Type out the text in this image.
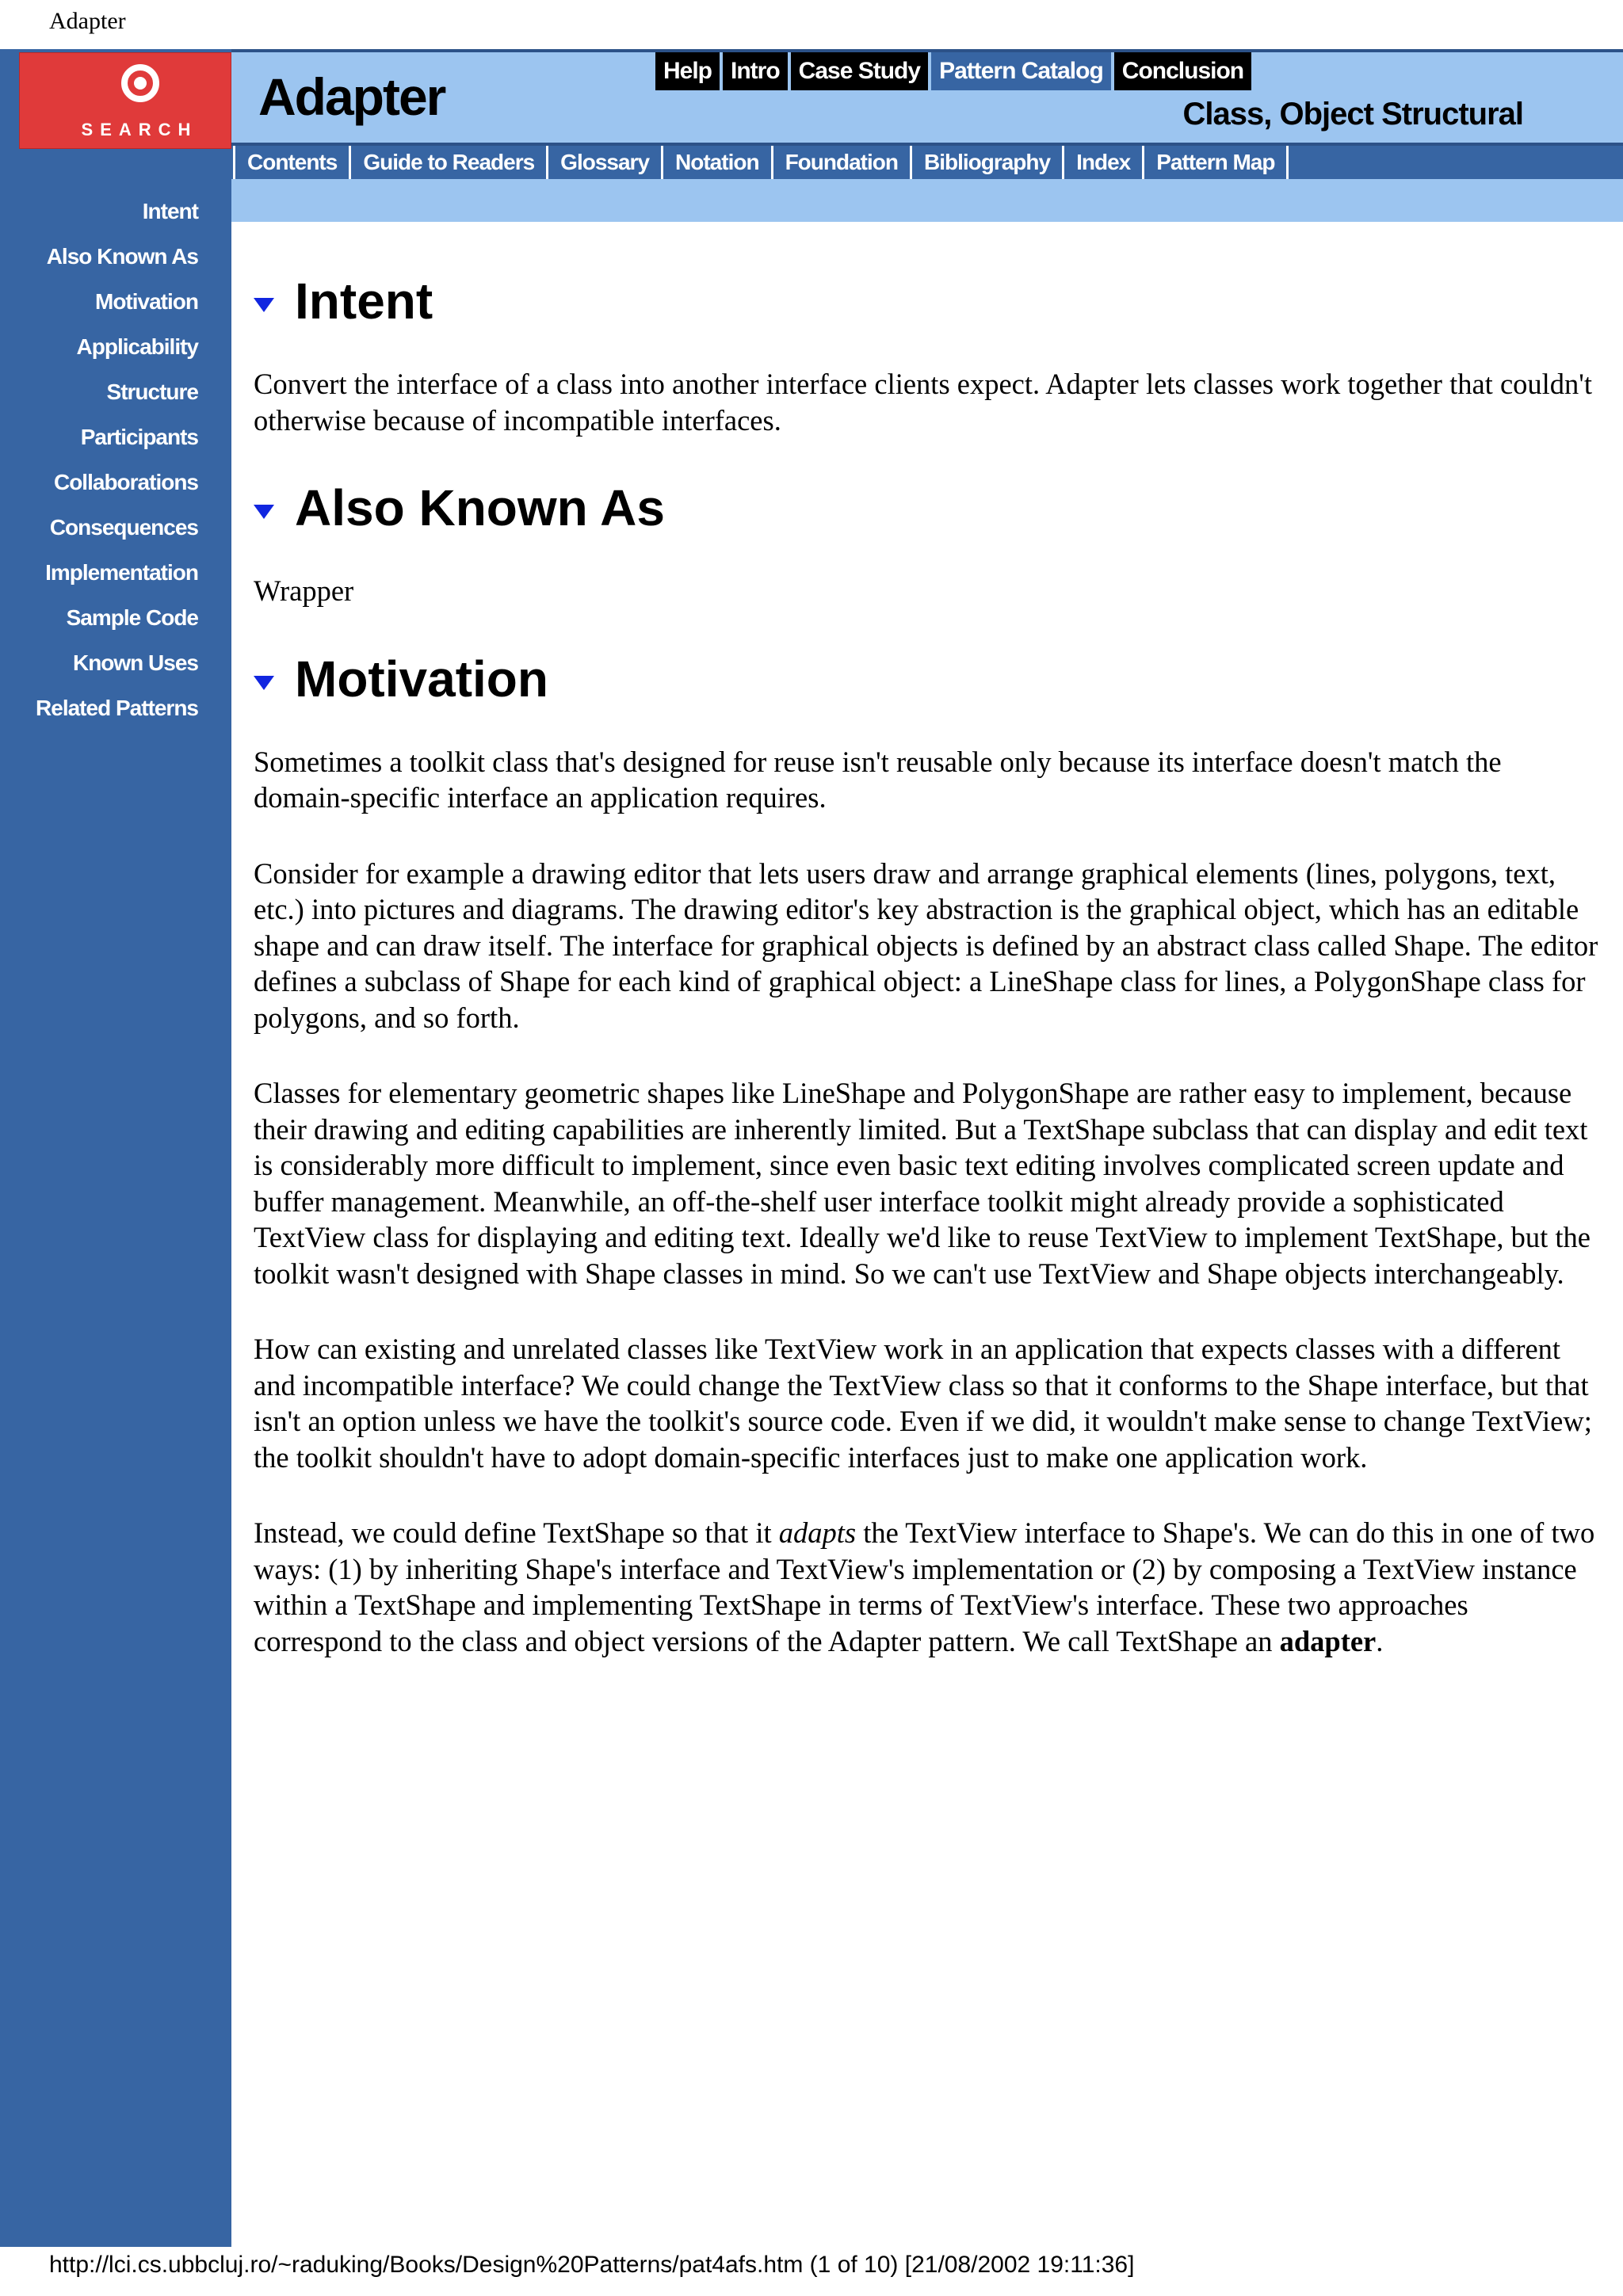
Adapter
SEARCH
Intent
Also Known As
Motivation
Applicability
Structure
Participants
Collaborations
Consequences
Implementation
Sample Code
Known Uses
Related Patterns
Adapter	Help Intro Case Study Pattern Catalog Conclusion
Class, Object Structural
Contents	Guide to Readers	Glossary	Notation	Foundation	Bibliography	Index	Pattern Map
Intent

Convert the interface of a class into another interface clients expect. Adapter lets classes work together that couldn't otherwise because of incompatible interfaces.

Also Known As

Wrapper

Motivation

Sometimes a toolkit class that's designed for reuse isn't reusable only because its interface doesn't match the domain-specific interface an application requires.

Consider for example a drawing editor that lets users draw and arrange graphical elements (lines, polygons, text, etc.) into pictures and diagrams. The drawing editor's key abstraction is the graphical object, which has an editable shape and can draw itself. The interface for graphical objects is defined by an abstract class called Shape. The editor defines a subclass of Shape for each kind of graphical object: a LineShape class for lines, a PolygonShape class for polygons, and so forth.

Classes for elementary geometric shapes like LineShape and PolygonShape are rather easy to implement, because their drawing and editing capabilities are inherently limited. But a TextShape subclass that can display and edit text is considerably more difficult to implement, since even basic text editing involves complicated screen update and buffer management. Meanwhile, an off-the-shelf user interface toolkit might already provide a sophisticated TextView class for displaying and editing text. Ideally we'd like to reuse TextView to implement TextShape, but the toolkit wasn't designed with Shape classes in mind. So we can't use TextView and Shape objects interchangeably.

How can existing and unrelated classes like TextView work in an application that expects classes with a different and incompatible interface? We could change the TextView class so that it conforms to the Shape interface, but that isn't an option unless we have the toolkit's source code. Even if we did, it wouldn't make sense to change TextView; the toolkit shouldn't have to adopt domain-specific interfaces just to make one application work.

Instead, we could define TextShape so that it adapts the TextView interface to Shape's. We can do this in one of two ways: (1) by inheriting Shape's interface and TextView's implementation or (2) by composing a TextView instance within a TextShape and implementing TextShape in terms of TextView's interface. These two approaches correspond to the class and object versions of the Adapter pattern. We call TextShape an adapter.

http://lci.cs.ubbcluj.ro/~raduking/Books/Design%20Patterns/pat4afs.htm (1 of 10) [21/08/2002 19:11:36]
